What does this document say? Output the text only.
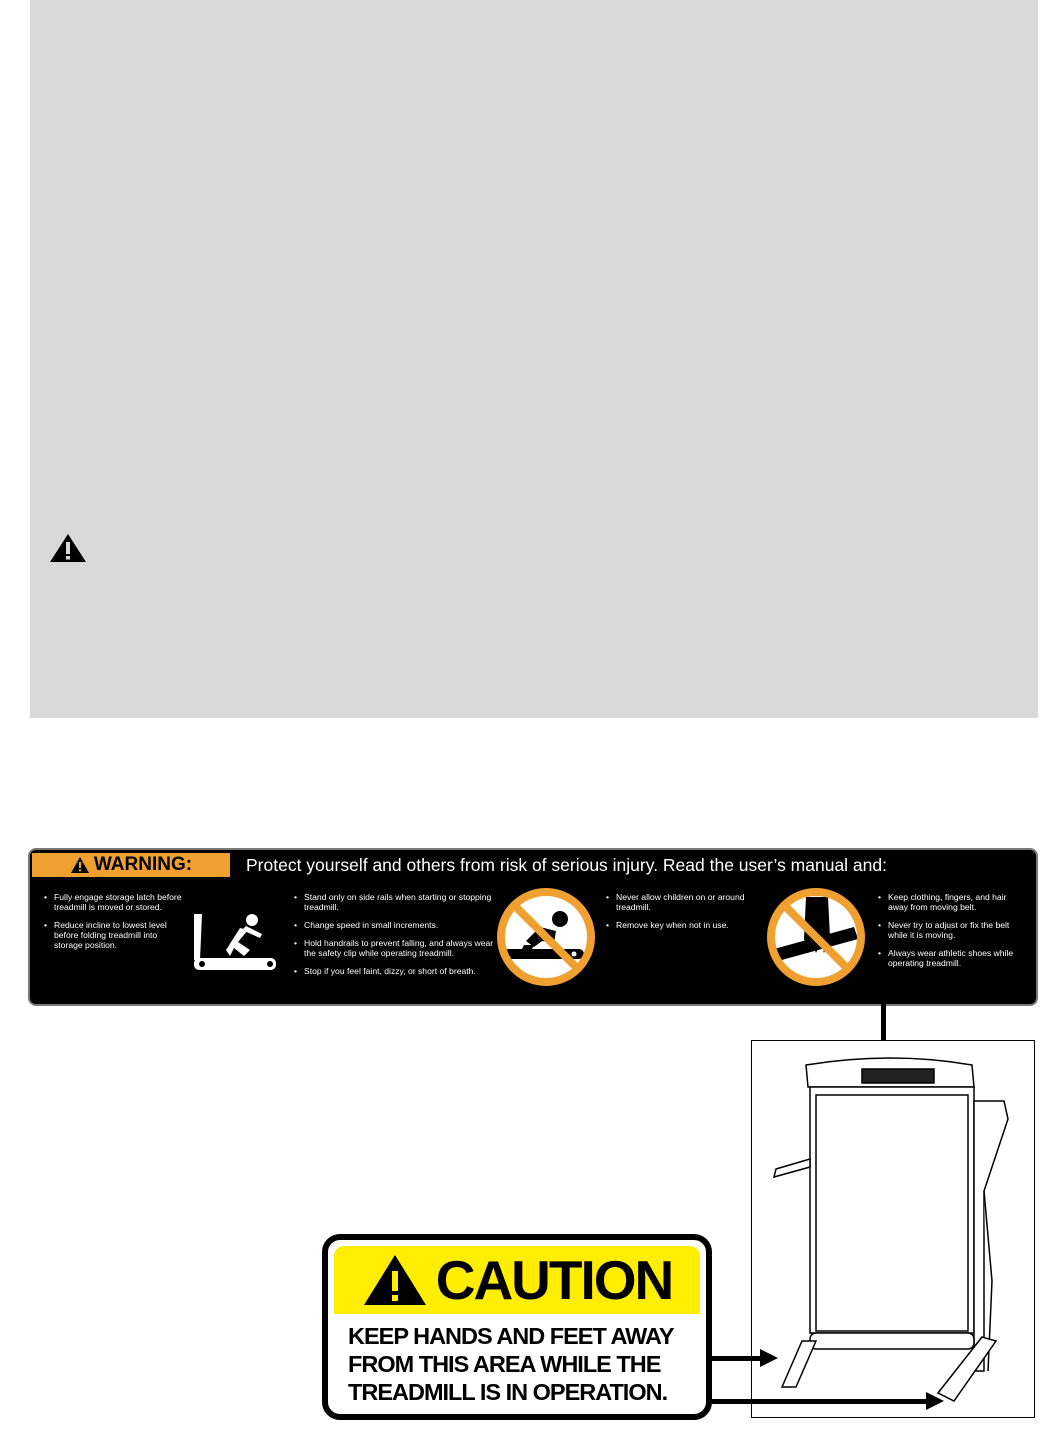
WARNING:	Protect yourself and others from risk of serious injury. Read the user’s manual and:
• Fully engage storage latch before treadmill is moved or stored.
• Reduce incline to lowest level before folding treadmill into storage position.
• Stand only on side rails when starting or stopping treadmill.
• Change speed in small increments.
• Hold handrails to prevent falling, and always wear the safety clip while operating treadmill.
• Stop if you feel faint, dizzy, or short of breath.
• Never allow children on or around treadmill.
• Remove key when not in use.
• Keep clothing, fingers, and hair away from moving belt.
• Never try to adjust or fix the belt while it is moving.
• Always wear athletic shoes while operating treadmill.
CAUTION
KEEP HANDS AND FEET AWAY
FROM THIS AREA WHILE THE
TREADMILL IS IN OPERATION.
